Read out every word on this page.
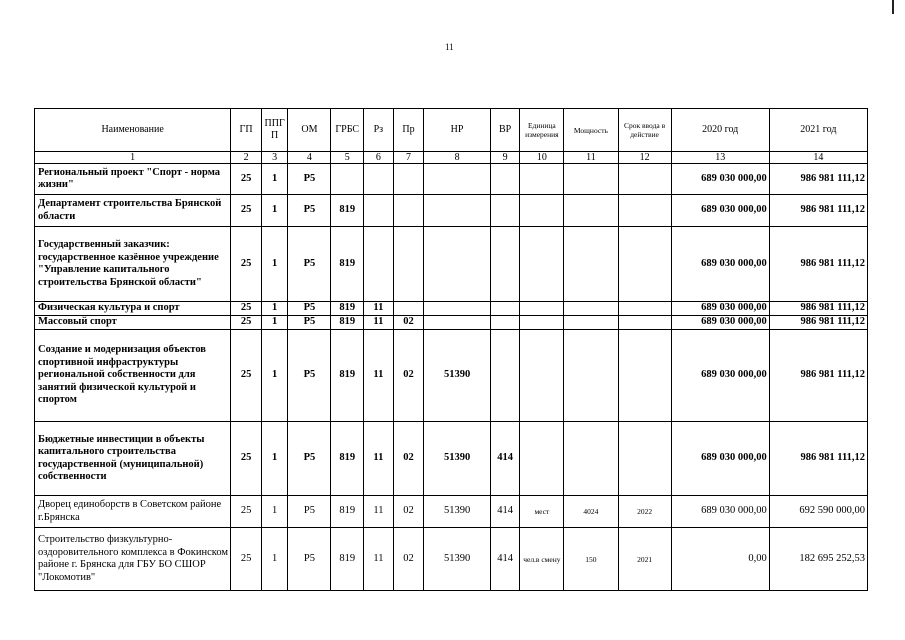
11
Наименование	ГП	ППГ П	ОМ	ГРБС	Рз	Пр	НР	ВР	Единица измерения	Мощность	Срок ввода в действие	2020 год	2021 год
1	2	3	4	5	6	7	8	9	10	11	12	13	14
Региональный проект "Спорт - норма жизни"	25	1	P5									689 030 000,00	986 981 111,12
Департамент строительства Брянской области	25	1	P5	819								689 030 000,00	986 981 111,12
Государственный заказчик: государственное казённое учреждение "Управление капитального строительства Брянской области"	25	1	P5	819								689 030 000,00	986 981 111,12
Физическая культура и спорт	25	1	P5	819	11							689 030 000,00	986 981 111,12
Массовый спорт	25	1	P5	819	11	02						689 030 000,00	986 981 111,12
Создание и модернизация объектов спортивной инфраструктуры региональной собственности для занятий физической культурой и спортом	25	1	P5	819	11	02	51390					689 030 000,00	986 981 111,12
Бюджетные инвестиции в объекты капитального строительства государственной (муниципальной) собственности	25	1	P5	819	11	02	51390	414				689 030 000,00	986 981 111,12
Дворец единоборств в Советском районе г.Брянска	25	1	P5	819	11	02	51390	414	мест	4024	2022	689 030 000,00	692 590 000,00
Строительство физкультурно-оздоровительного комплекса в Фокинском районе г. Брянска для ГБУ БО СШОР "Локомотив"	25	1	P5	819	11	02	51390	414	чел.в смену	150	2021	0,00	182 695 252,53
